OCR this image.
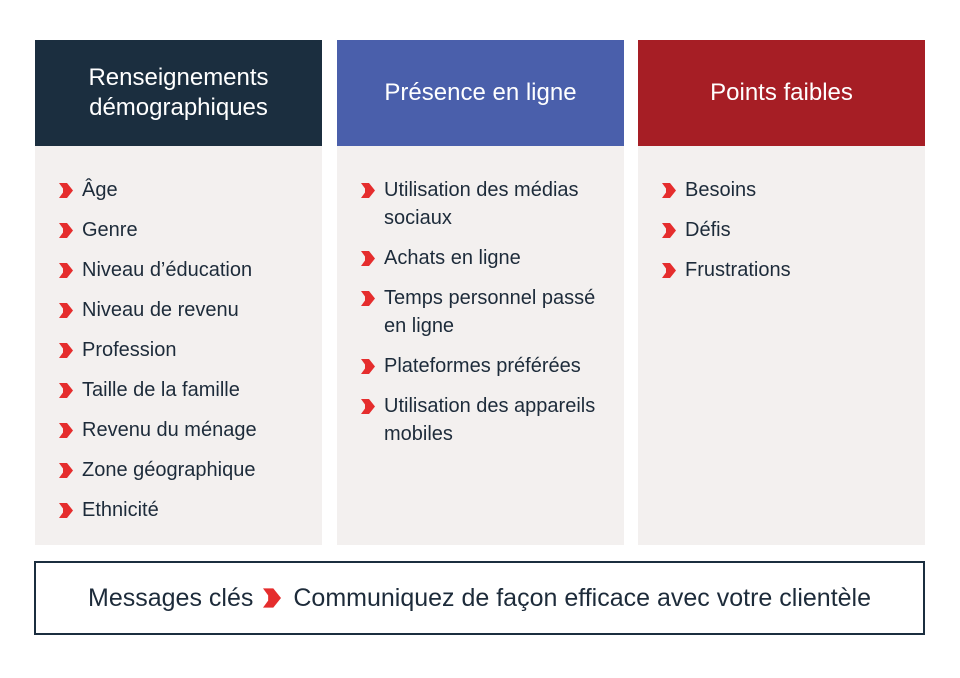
Renseignements
démographiques
Âge
Genre
Niveau d’éducation
Niveau de revenu
Profession
Taille de la famille
Revenu du ménage
Zone géographique
Ethnicité
Présence en ligne
Utilisation des médias sociaux
Achats en ligne
Temps personnel passé en ligne
Plateformes préférées
Utilisation des appareils mobiles
Points faibles
Besoins
Défis
Frustrations
Messages clés Communiquez de façon efficace avec votre clientèle
